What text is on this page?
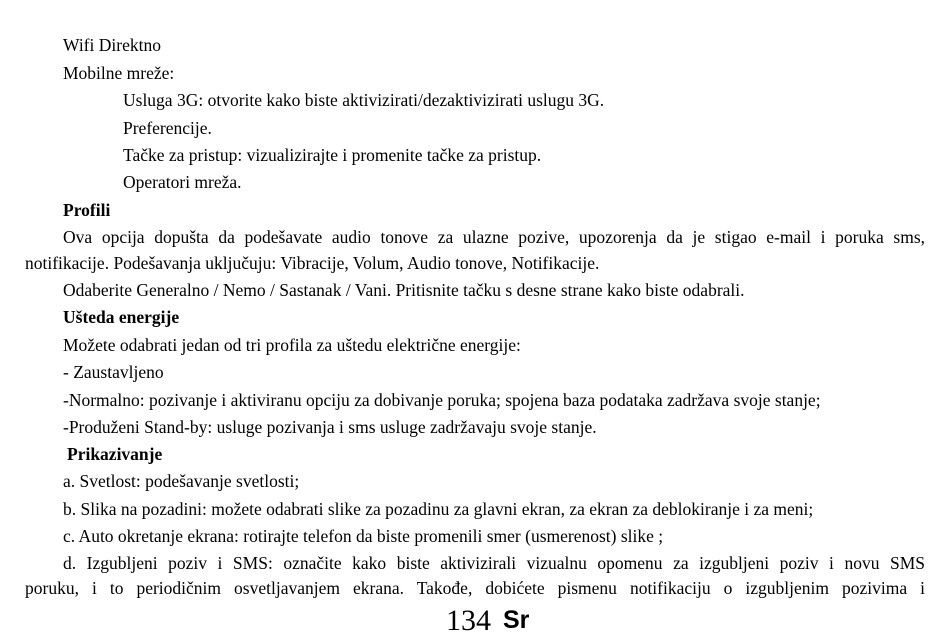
Wifi Direktno
Mobilne mreže:
Usluga 3G: otvorite kako biste aktivizirati/dezaktivizirati uslugu 3G.
Preferencije.
Tačke za pristup: vizualizirajte i promenite tačke za pristup.
Operatori mreža.
Profili
Ova opcija dopušta da podešavate audio tonove za ulazne pozive, upozorenja da je stigao e-mail i poruka sms,
notifikacije. Podešavanja uključuju: Vibracije, Volum, Audio tonove, Notifikacije.
Odaberite Generalno / Nemo / Sastanak / Vani. Pritisnite tačku s desne strane kako biste odabrali.
Ušteda energije
Možete odabrati jedan od tri profila za uštedu električne energije:
- Zaustavljeno
-Normalno: pozivanje i aktiviranu opciju za dobivanje poruka; spojena baza podataka zadržava svoje stanje;
-Produženi Stand-by: usluge pozivanja i sms usluge zadržavaju svoje stanje.
Prikazivanje
a. Svetlost: podešavanje svetlosti;
b. Slika na pozadini: možete odabrati slike za pozadinu za glavni ekran, za ekran za deblokiranje i za meni;
c. Auto okretanje ekrana: rotirajte telefon da biste promenili smer (usmerenost) slike ;
d. Izgubljeni poziv i SMS: označite kako biste aktivizirali vizualnu opomenu za izgubljeni poziv i novu SMS
poruku, i to periodičnim osvetljavanjem ekrana. Takođe, dobićete pismenu notifikaciju o izgubljenim pozivima i
134 Sr
